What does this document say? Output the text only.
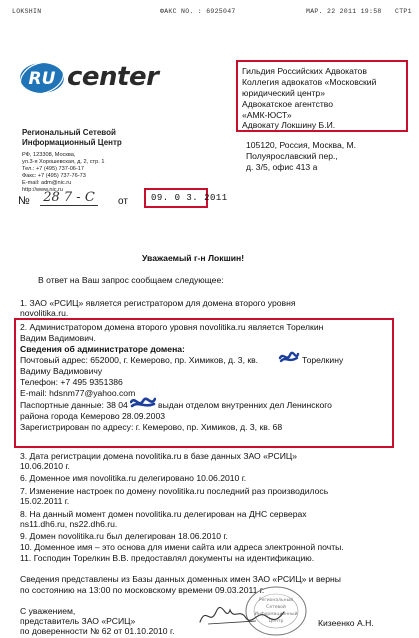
LOKSHIN	ФАКС NO. : 6925047	MAP. 22 2011 19:58 CTP1
RU center
Региональный Сетевой
Информационный Центр
РФ, 123308, Москва,
ул.3-я Хорошевская, д. 2, стр. 1
Тел.: +7 (495) 737-06-17
Факс: +7 (495) 737-76-73
E-mail: adm@nic.ru
http://www.nic.ru
Гильдия Российских Адвокатов
Коллегия адвокатов «Московский
юридический центр»
Адвокатское агентство
«АМК-ЮСТ»
Адвокату Локшину Б.И.
105120, Россия, Москва, М.
Полуярославский пер.,
д. 3/5, офис 413 а
№ 28 7 - С	от	09. 0 3. 2011
Уважаемый г-н Локшин!
В ответ на Ваш запрос сообщаем следующее:
1. ЗАО «РСИЦ» является регистратором для домена второго уровня
novolitika.ru.
2. Администратором домена второго уровня novolitika.ru является Торелкин
Вадим Вадимович.
Сведения об администраторе домена:
Почтовый адрес: 652000, г. Кемерово, пр. Химиков, д. 3, кв.	Торелкину
Вадиму Вадимовичу
Телефон: +7 495 9351386
E-mail: hdsnm77@yahoo.com
Паспортные данные: 38 04	выдан отделом внутренних дел Ленинского
района города Кемерово 28.09.2003
Зарегистрирован по адресу: г. Кемерово, пр. Химиков, д. 3, кв. 68
3. Дата регистрации домена novolitika.ru в базе данных ЗАО «РСИЦ»
10.06.2010 г.
6. Доменное имя novolitika.ru делегировано 10.06.2010 г.
7. Изменение настроек по домену novolitika.ru последний раз производилось
15.02.2011 г.
8. На данный момент домен novolitika.ru делегирован на ДНС серверах
ns11.dh6.ru, ns22.dh6.ru.
9. Домен novolitika.ru был делегирован 18.06.2010 г.
10. Доменное имя – это основа для имени сайта или адреса электронной почты.
11. Господин Торелкин В.В. предоставлял документы на идентификацию.
Сведения представлены из Базы данных доменных имен ЗАО «РСИЦ» и верны
по состоянию на 13:00 по московскому времени 09.03.2011 г.
С уважением,
представитель ЗАО «РСИЦ»
по доверенности № 62 от 01.10.2010 г.
Региональный
Сетевой
Информационный
Центр	Кизеенко А.Н.
